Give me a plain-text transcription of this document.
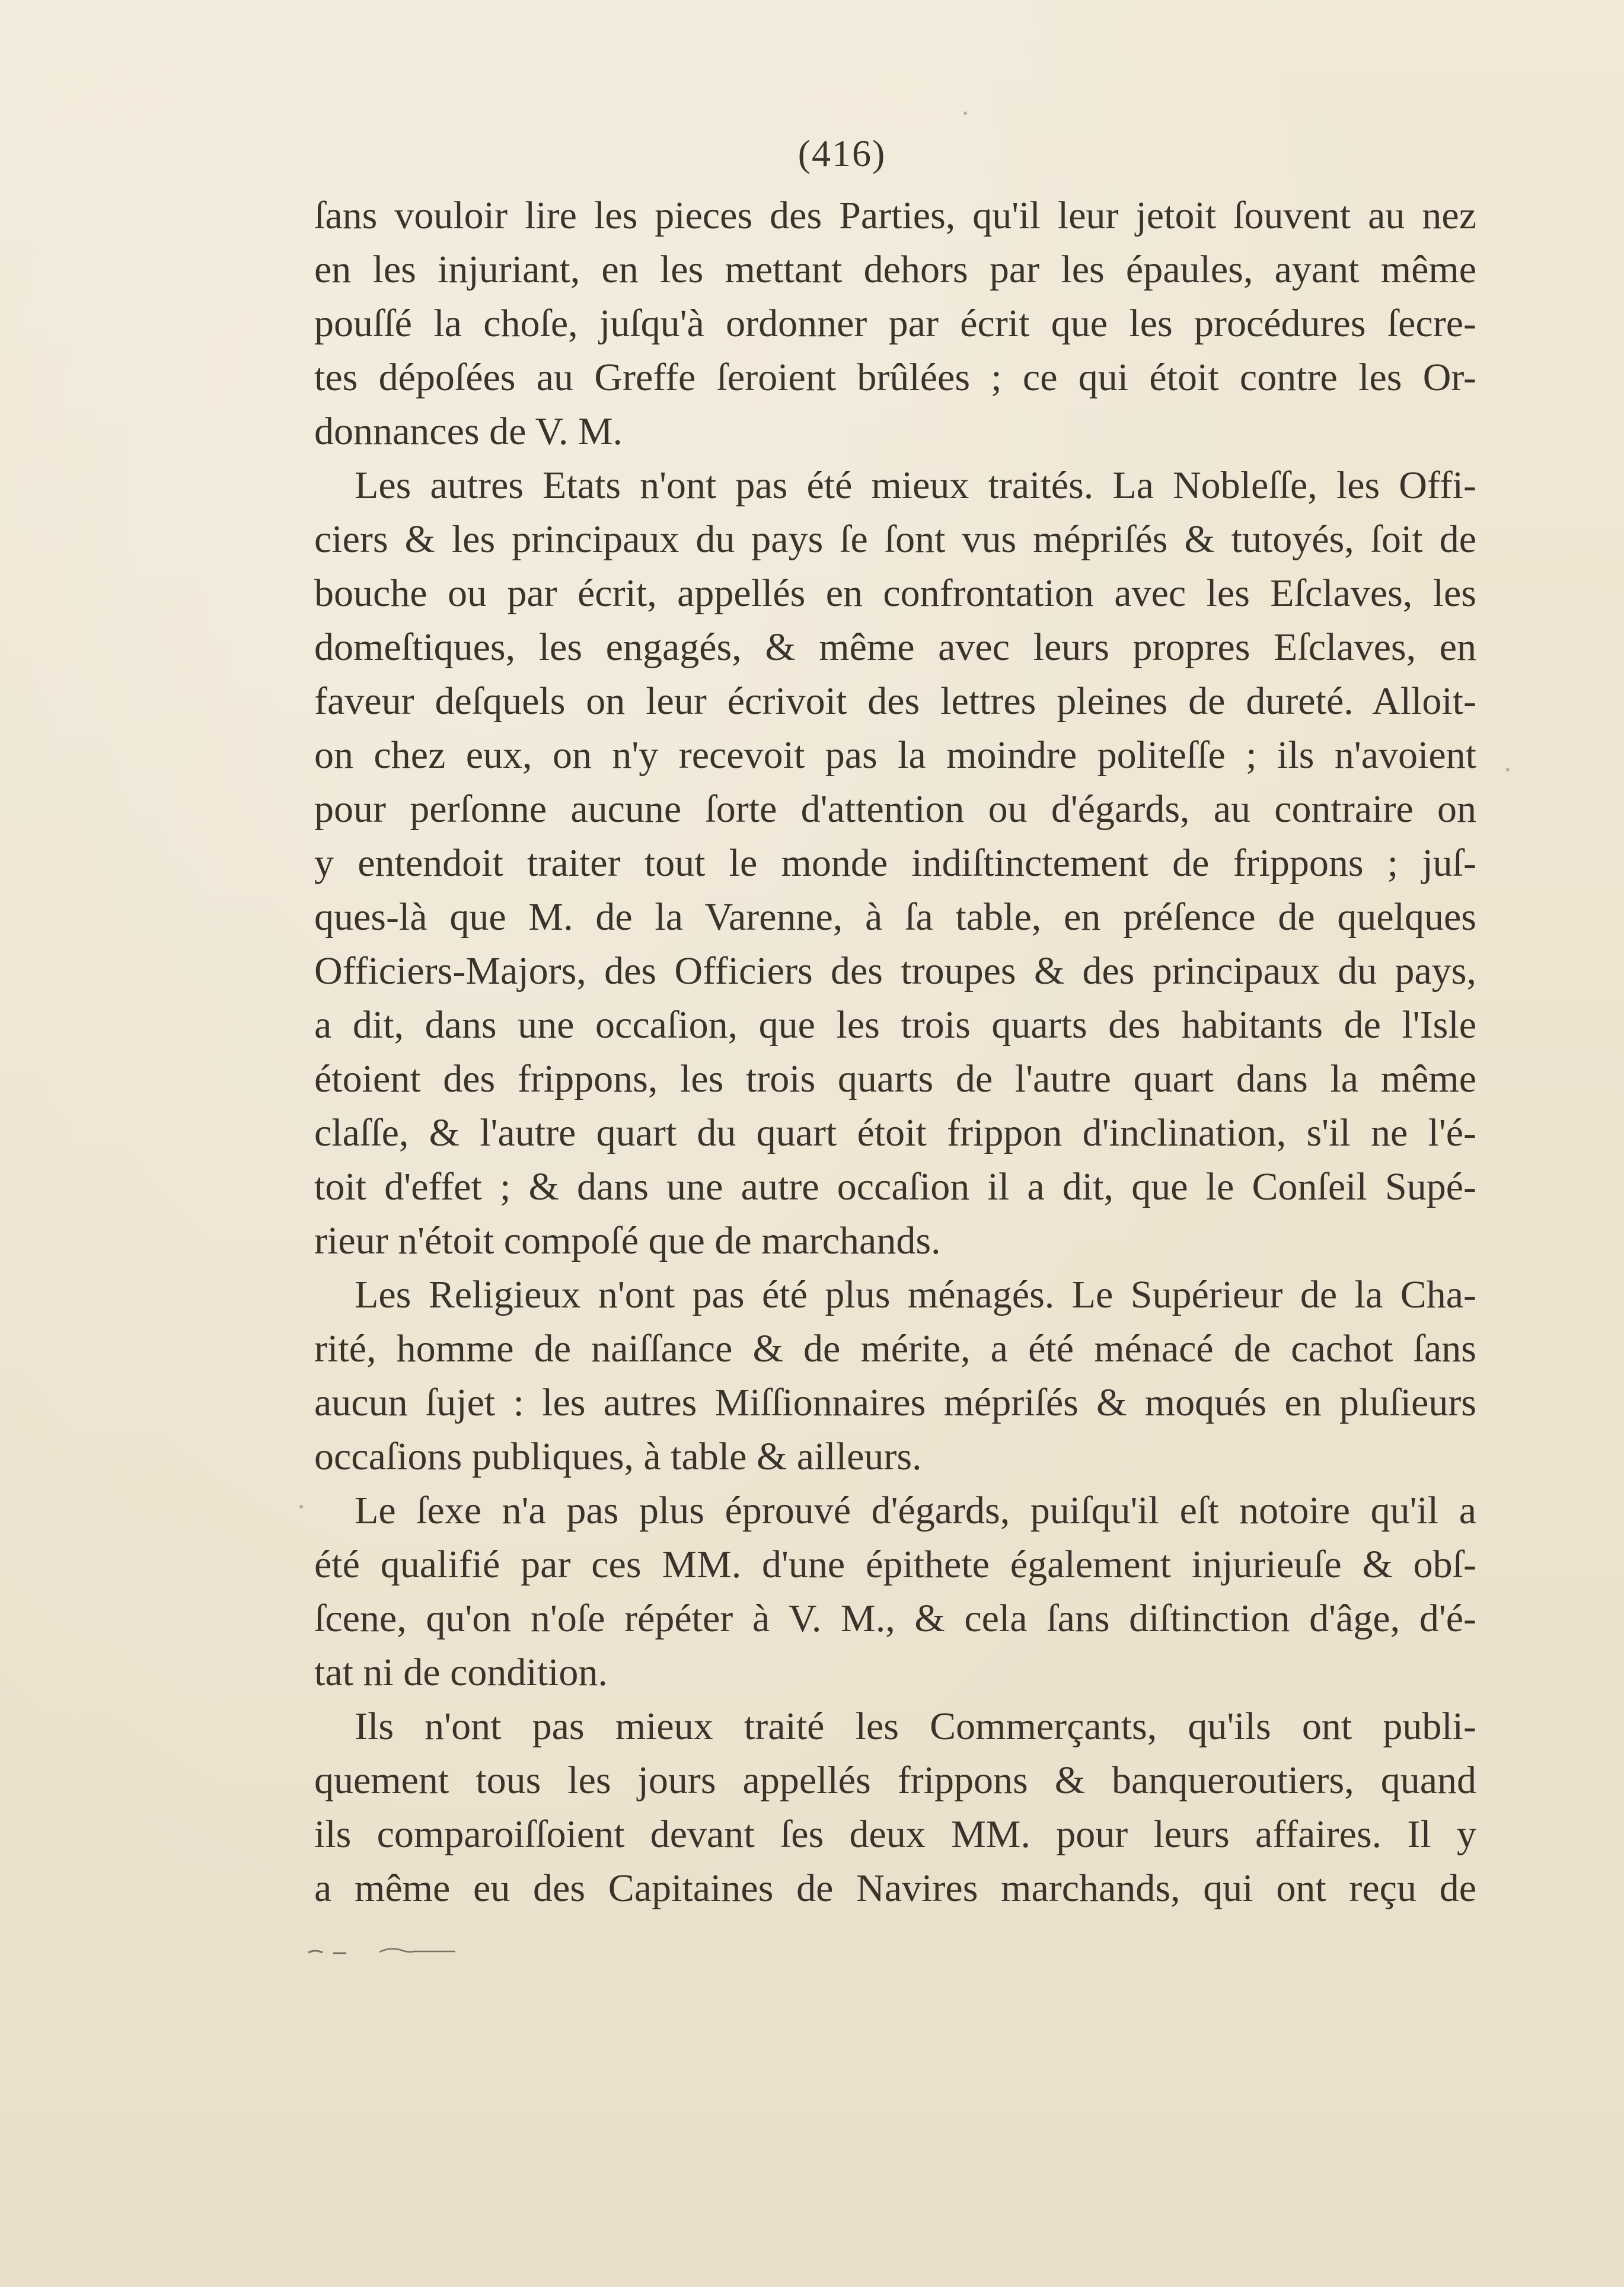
(416)
ſans vouloir lire les pieces des Parties, qu'il leur jetoit ſouvent au nez
en les injuriant, en les mettant dehors par les épaules, ayant même
pouſſé la choſe, juſqu'à ordonner par écrit que les procédures ſecre-
tes dépoſées au Greffe ſeroient brûlées ; ce qui étoit contre les Or-
donnances de V. M.
Les autres Etats n'ont pas été mieux traités. La Nobleſſe, les Offi-
ciers & les principaux du pays ſe ſont vus mépriſés & tutoyés, ſoit de
bouche ou par écrit, appellés en confrontation avec les Eſclaves, les
domeſtiques, les engagés, & même avec leurs propres Eſclaves, en
faveur deſquels on leur écrivoit des lettres pleines de dureté. Alloit-
on chez eux, on n'y recevoit pas la moindre politeſſe ; ils n'avoient
pour perſonne aucune ſorte d'attention ou d'égards, au contraire on
y entendoit traiter tout le monde indiſtinctement de frippons ; juſ-
ques-là que M. de la Varenne, à ſa table, en préſence de quelques
Officiers-Majors, des Officiers des troupes & des principaux du pays,
a dit, dans une occaſion, que les trois quarts des habitants de l'Isle
étoient des frippons, les trois quarts de l'autre quart dans la même
claſſe, & l'autre quart du quart étoit frippon d'inclination, s'il ne l'é-
toit d'effet ; & dans une autre occaſion il a dit, que le Conſeil Supé-
rieur n'étoit compoſé que de marchands.
Les Religieux n'ont pas été plus ménagés. Le Supérieur de la Cha-
rité, homme de naiſſance & de mérite, a été ménacé de cachot ſans
aucun ſujet : les autres Miſſionnaires mépriſés & moqués en pluſieurs
occaſions publiques, à table & ailleurs.
Le ſexe n'a pas plus éprouvé d'égards, puiſqu'il eſt notoire qu'il a
été qualifié par ces MM. d'une épithete également injurieuſe & obſ-
ſcene, qu'on n'oſe répéter à V. M., & cela ſans diſtinction d'âge, d'é-
tat ni de condition.
Ils n'ont pas mieux traité les Commerçants, qu'ils ont publi-
quement tous les jours appellés frippons & banqueroutiers, quand
ils comparoiſſoient devant ſes deux MM. pour leurs affaires. Il y
a même eu des Capitaines de Navires marchands, qui ont reçu de
